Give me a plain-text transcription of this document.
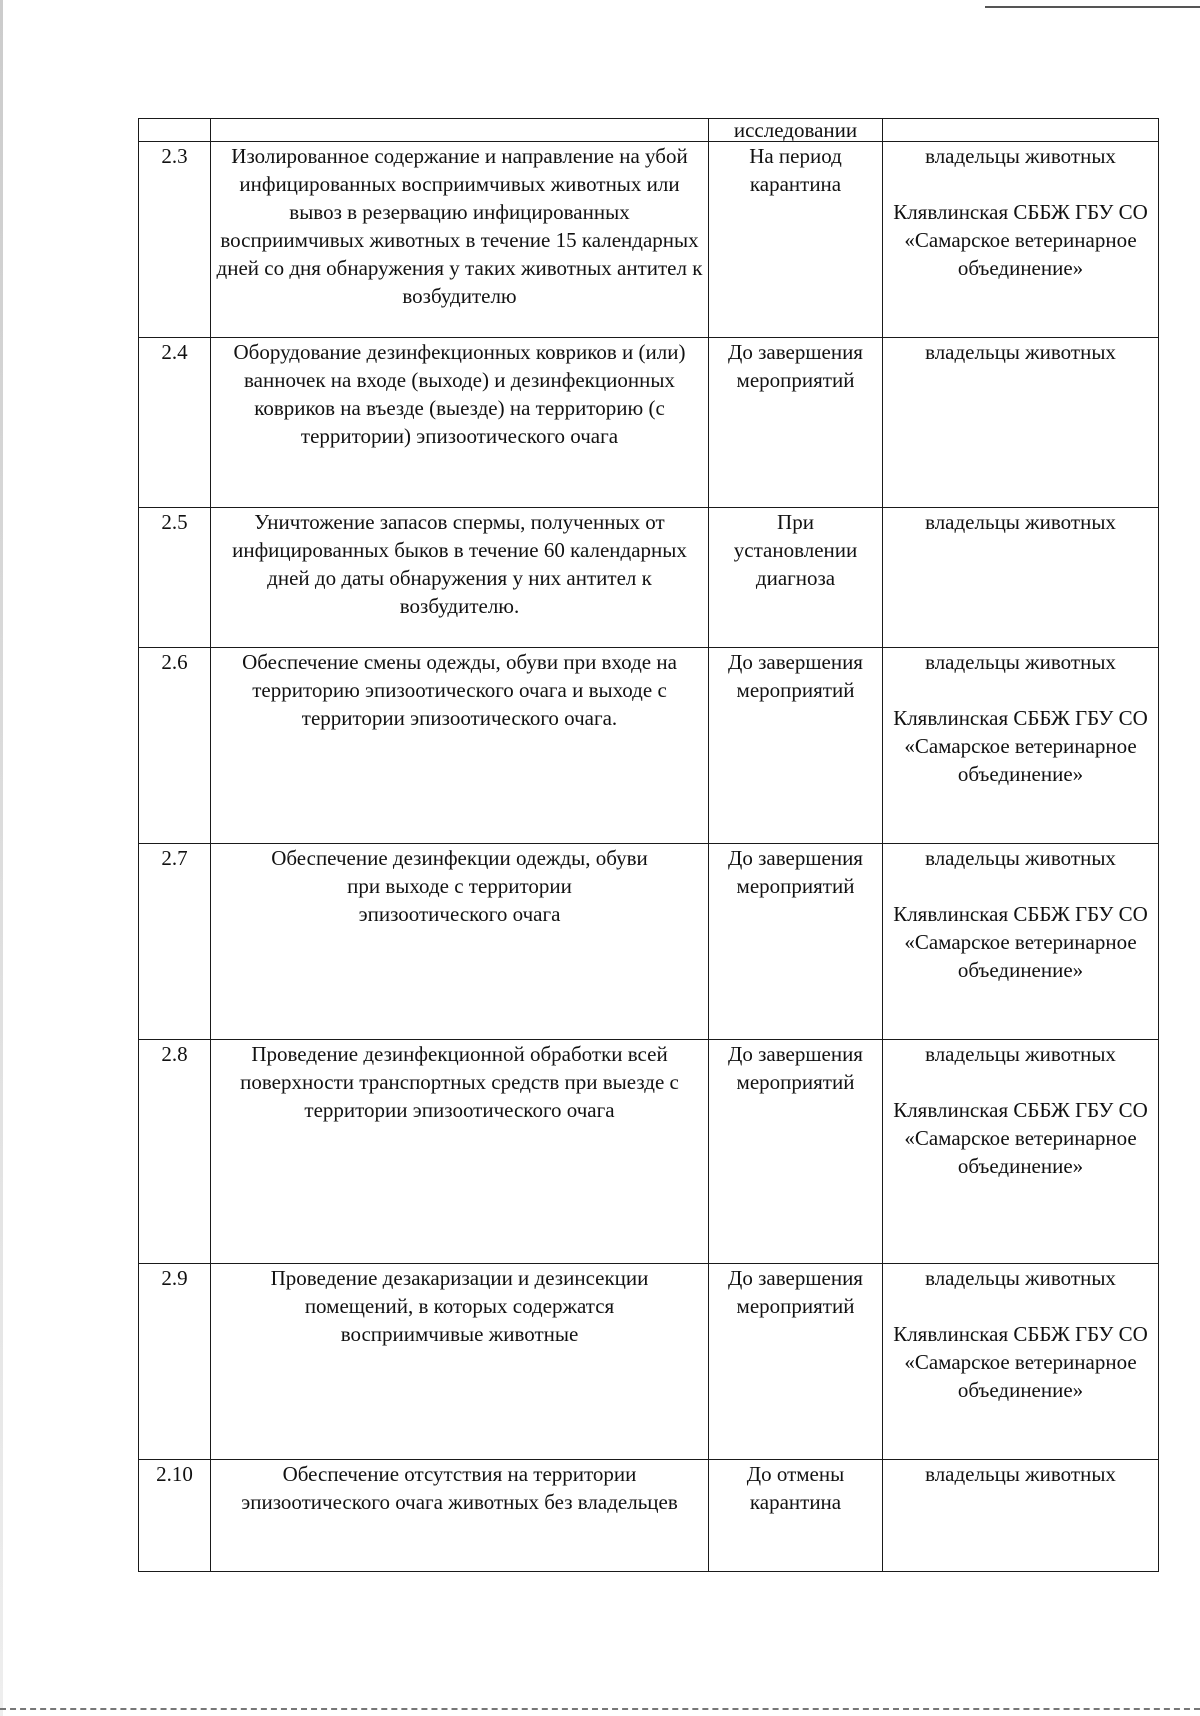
		исследовании	
2.3	Изолированное содержание и направление на убой инфицированных восприимчивых животных или вывоз в резервацию инфицированных восприимчивых животных в течение 15 календарных дней со дня обнаружения у таких животных антител к возбудителю	На период карантина	владельцы животных
Клявлинская СББЖ ГБУ СО «Самарское ветеринарное объединение»

2.4	Оборудование дезинфекционных ковриков и (или) ванночек на входе (выходе) и дезинфекционных ковриков на въезде (выезде) на территорию (с территории) эпизоотического очага	До завершения мероприятий	владельцы животных

2.5	Уничтожение запасов спермы, полученных от инфицированных быков в течение 60 календарных дней до даты обнаружения у них антител к возбудителю.	При установлении диагноза	владельцы животных

2.6	Обеспечение смены одежды, обуви при входе на территорию эпизоотического очага и выходе с территории эпизоотического очага.	До завершения мероприятий	владельцы животных
Клявлинская СББЖ ГБУ СО «Самарское ветеринарное объединение»

2.7	Обеспечение дезинфекции одежды, обуви при выходе с территории эпизоотического очага	До завершения мероприятий	владельцы животных
Клявлинская СББЖ ГБУ СО «Самарское ветеринарное объединение»

2.8	Проведение дезинфекционной обработки всей поверхности транспортных средств при выезде с территории эпизоотического очага	До завершения мероприятий	владельцы животных
Клявлинская СББЖ ГБУ СО «Самарское ветеринарное объединение»

2.9	Проведение дезакаризации и дезинсекции помещений, в которых содержатся восприимчивые животные	До завершения мероприятий	владельцы животных
Клявлинская СББЖ ГБУ СО «Самарское ветеринарное объединение»

2.10	Обеспечение отсутствия на территории эпизоотического очага животных без владельцев	До отмены карантина	владельцы животных
